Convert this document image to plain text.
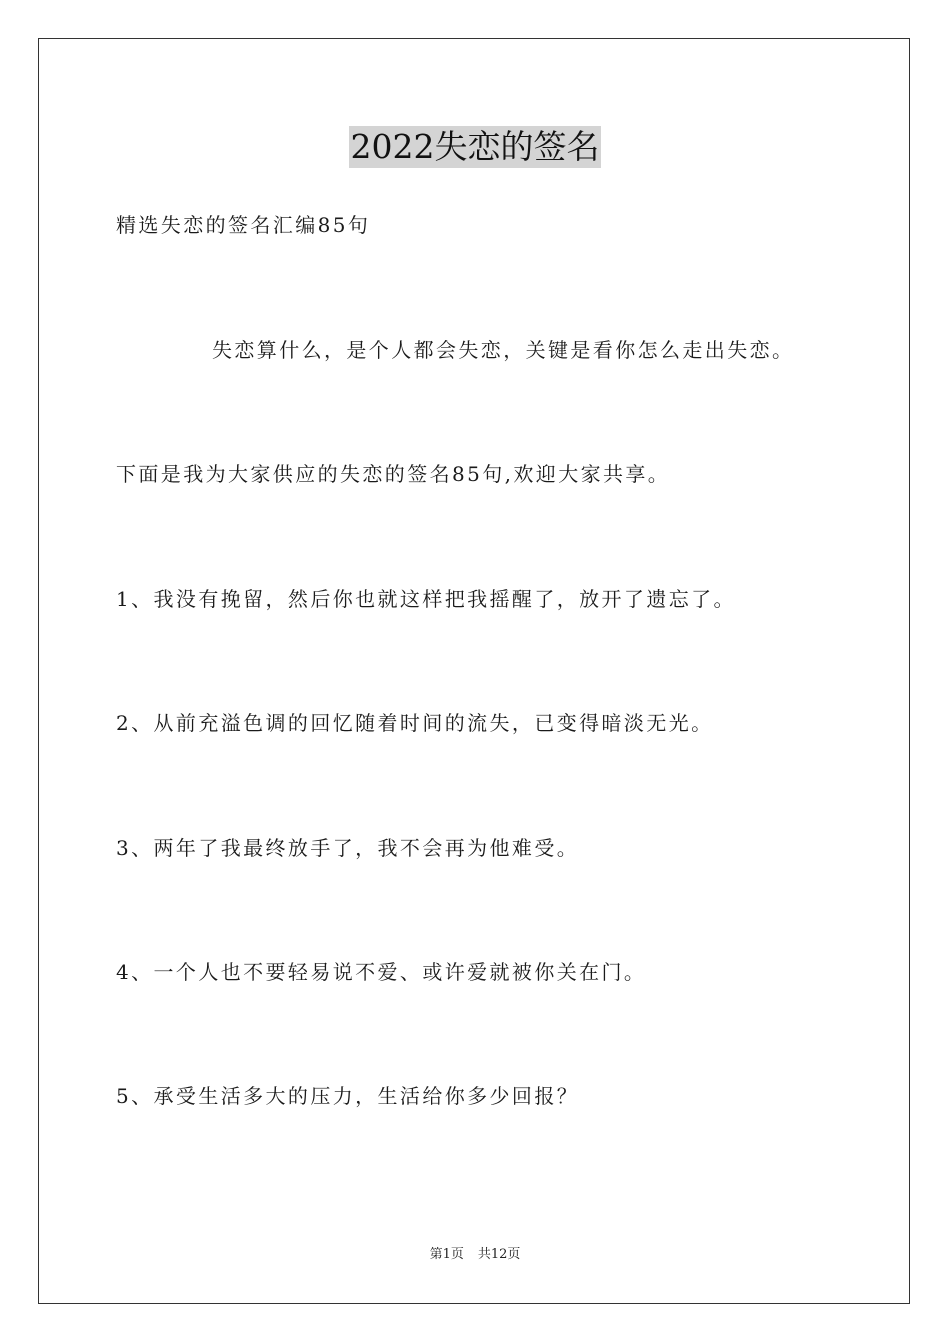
2022失恋的签名
精选失恋的签名汇编85句
失恋算什么，是个人都会失恋，关键是看你怎么走出失恋。
下面是我为大家供应的失恋的签名85句,欢迎大家共享。
1、我没有挽留，然后你也就这样把我摇醒了，放开了遗忘了。
2、从前充溢色调的回忆随着时间的流失，已变得暗淡无光。
3、两年了我最终放手了，我不会再为他难受。
4、一个人也不要轻易说不爱、或许爱就被你关在门。
5、承受生活多大的压力，生活给你多少回报？
第1页 共12页
